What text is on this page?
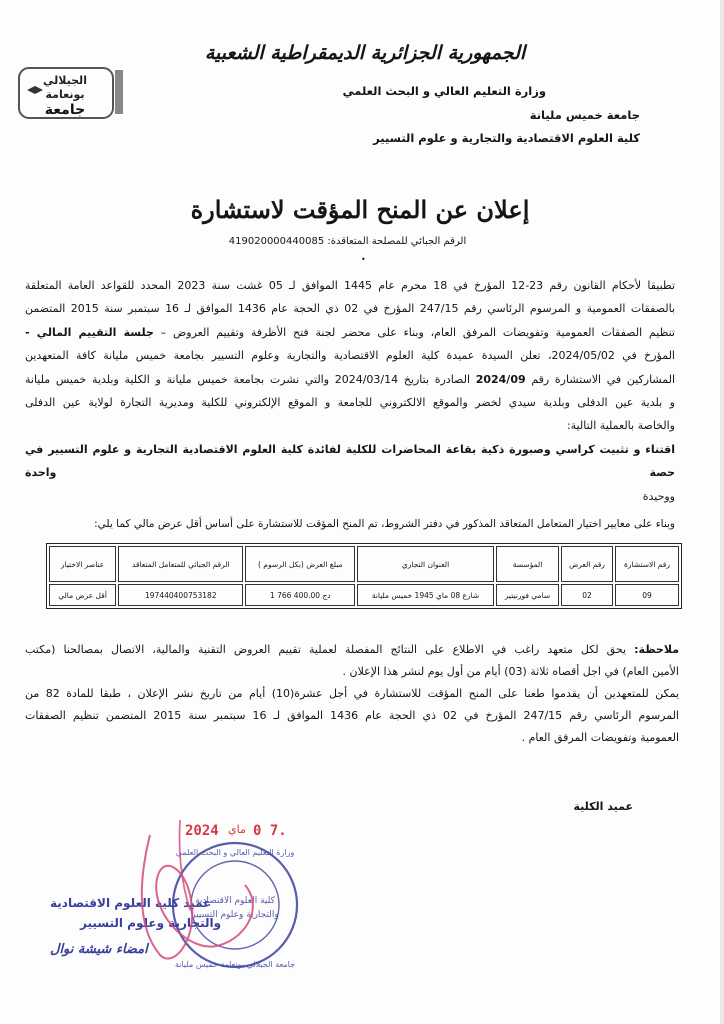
الجيلالي
بونعامة
جامعة
الجمهورية الجزائرية الديمقراطية الشعبية
وزارة التعليم العالي و البحث العلمي
جامعة خميس مليانة
كلية العلوم الاقتصادية والتجارية و علوم التسيير
إعلان عن المنح المؤقت لاستشارة
الرقم الجبائي للمصلحة المتعاقدة: 419020000440085
•
تطبيقا لأحكام القانون رقم 23-12 المؤرخ في 18 محرم عام 1445 الموافق لـ 05 غشت سنة 2023 المحدد للقواعد العامة المتعلقة
بالصفقات العمومية و المرسوم الرئاسي رقم 247/15 المؤرخ في 02 ذي الحجة عام 1436 الموافق لـ 16 سبتمبر سنة 2015 المتضمن
تنظيم الصفقات العمومية وتفويضات المرفق العام، وبناء على محضر لجنة فتح الأظرفة وتقييم العروض – جلسة التقييم المالي -
المؤرخ في 2024/05/02، تعلن السيدة عميدة كلية العلوم الاقتصادية والتجارية وعلوم التسيير بجامعة خميس مليانة كافة المتعهدين
المشاركين في الاستشارة رقم 2024/09 الصادرة بتاريخ 2024/03/14 والتي نشرت بجامعة خميس مليانة و الكلية وبلدية خميس مليانة
و بلدية عين الدفلى وبلدية سيدي لخضر والموقع الالكتروني للجامعة و الموقع الإلكتروني للكلية ومديرية التجارة لولاية عين الدفلى
والخاصة بالعملية التالية:
اقتناء و تثبيت كراسي وصبورة ذكية بقاعة المحاضرات للكلية لفائدة كلية العلوم الاقتصادية التجارية و علوم التسيير في حصة واحدة
ووحيدة
وبناء على معايير اختيار المتعامل المتعاقد المذكور في دفتر الشروط، تم المنح المؤقت للاستشارة على أساس أقل عرض مالي كما يلي:
رقم الاستشارة	رقم العرض	المؤسسة	العنوان التجاري	مبلغ العرض (بكل الرسوم )	الرقم الجبائي للمتعامل المتعاقد	عناصر الاختيار
09	02	سامي فورنيتير	شارع 08 ماي 1945 خميس مليانة	1 766 400.00 دج	197440400753182	أقل عرض مالي
ملاحظة: يحق لكل متعهد راغب في الاطلاع على النتائج المفصلة لعملية تقييم العروض التقنية والمالية، الاتصال بمصالحنا (مكتب
الأمين العام) في اجل أقصاه ثلاثة (03) أيام من أول يوم لنشر هذا الإعلان .
يمكن للمتعهدين أن يقدموا طعنا على المنح المؤقت للاستشارة في أجل عشرة(10) أيام من تاريخ نشر الإعلان ، طبقا للمادة 82 من
المرسوم الرئاسي رقم 247/15 المؤرخ في 02 ذي الحجة عام 1436 الموافق لـ 16 سبتمبر سنة 2015 المتضمن تنظيم الصفقات
العمومية وتفويضات المرفق العام .
عميد الكلية
2024 ماي 0 7.
وزارة التعليم العالي و البحث العلمي
جامعة الجيلالي بونعامة خميس مليانة
كلية العلوم الاقتصادية
والتجارية وعلوم التسيير
عميد كلية العلوم الاقتصادية
والتجارية وعلوم التسيير
امضاء شيشة نوال
